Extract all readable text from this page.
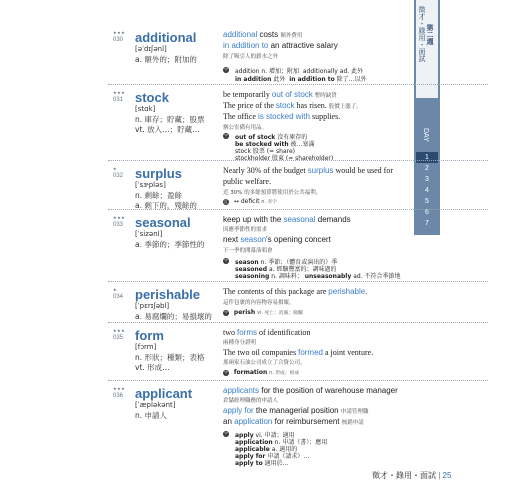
第二週
徵才・錄用・面試
DAY
1
2
3
4
5
6
7
★★★
030 additional
[əˈdɪʃənl]
a. 額外的；附加的
additional costs 額外費用
in addition to an attractive salary
除了吸引人的薪水之外
字	addition n. 增加；附加 additionally ad. 此外
in addition 此外 in addition to 除了…以外
★★★
031 stock
[stɑk]
n. 庫存；貯藏；股票
vt. 放入…；貯藏…
be temporarily out of stock 暫時缺貨
The price of the stock has risen. 股價上漲了。
The office is stocked with supplies.
辦公室備有用品。
字	out of stock 沒有庫存的
be stocked with 被…塞滿
stock 股票 (= share)
stockholder 股東 (= shareholder)
★
032 surplus
[ˈsɝpləs]
n. 剩餘；盈餘
a. 剩下的，殘餘的
Nearly 30% of the budget surplus would be used for
public welfare.
近 30% 的多餘預算將使用於公共福利。
反 ↔ deficit n. 赤字
★★★
033 seasonal
[ˈsizənl]
a. 季節的；季節性的
keep up with the seasonal demands
因應季節性的需求
next season's opening concert
下一季的開幕演唱會
字	season n. 季節；（體育或演出的）季
seasoned a. 經驗豐富的；調味過的
seasoning n. 調味料； unseasonably ad. 不符合季節地
★
034 perishable
[ˈpɛrɪʃəbl]
a. 易腐爛的；易損壞的
The contents of this package are perishable.
這件包裹的內容物容易損壞。
字 perish vi. 死亡；消滅；腐爛
★★★
035 form
[fɔrm]
n. 形狀；種類；表格
vt. 形成…
two forms of identification
兩種身分證明
The two oil companies formed a joint venture.
那兩家石油公司成立了合資公司。
字 formation n. 形成；組成
★★★
036 applicant
[ˈæpləkənt]
n. 申請人
applicants for the position of warehouse manager
倉儲經理職務的申請人
apply for the managerial position 申請管理職
an application for reimbursement 核銷申請
字	apply vi. 申請；適用
application n. 申請（書）；應用
applicable a. 適用的
apply for 申請（請求）…
apply to 適用於…
徵才・錄用・面試 | 25
